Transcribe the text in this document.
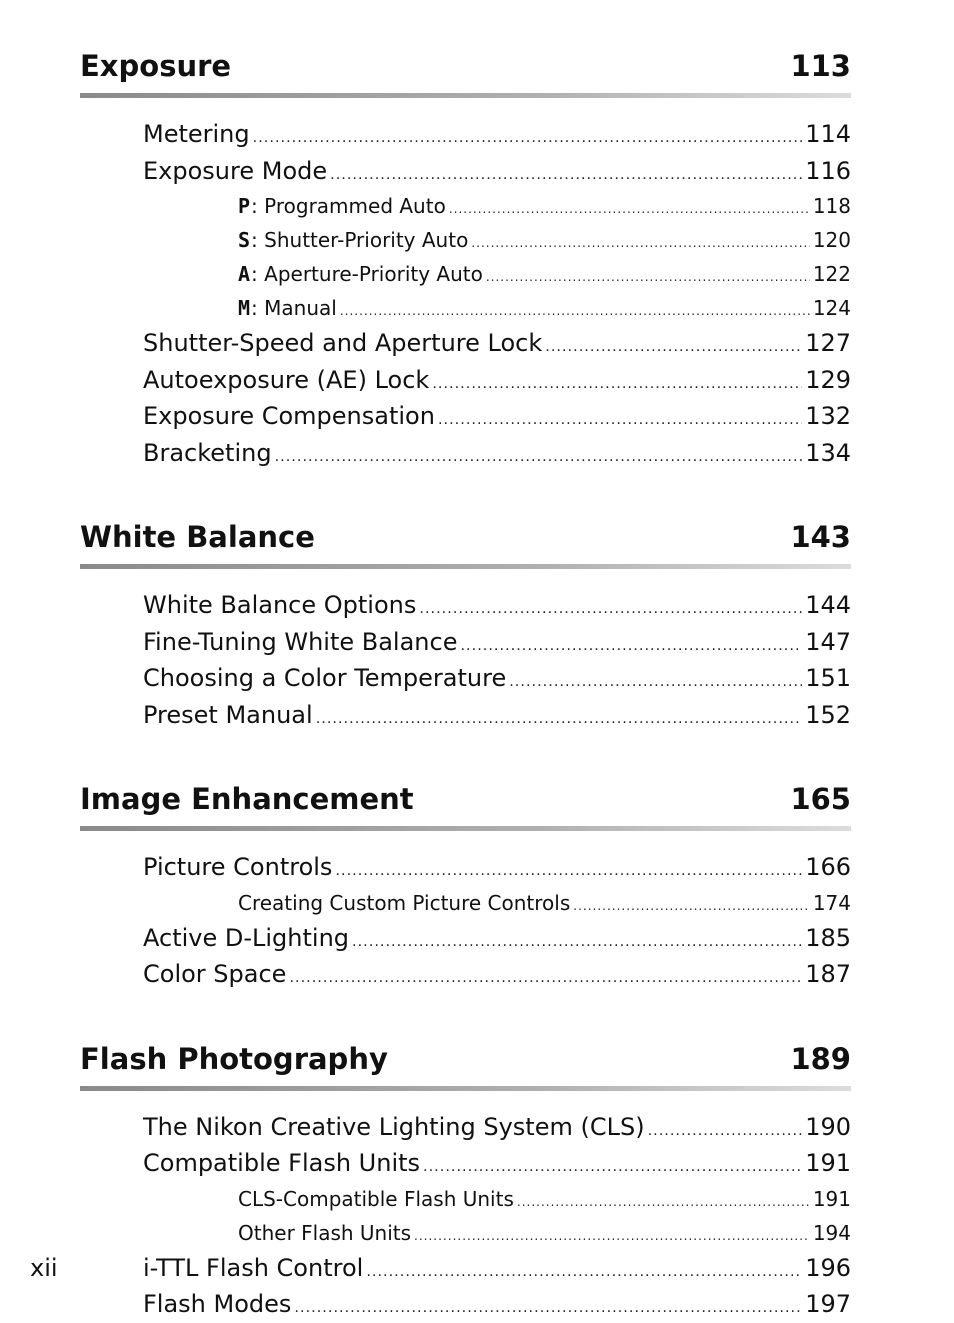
Exposure	113
Metering .....	114
Exposure Mode .....	116
P: Programmed Auto .....	118
S: Shutter-Priority Auto .....	120
A: Aperture-Priority Auto .....	122
M: Manual .....	124
Shutter-Speed and Aperture Lock .....	127
Autoexposure (AE) Lock .....	129
Exposure Compensation .....	132
Bracketing .....	134
White Balance	143
White Balance Options .....	144
Fine-Tuning White Balance .....	147
Choosing a Color Temperature .....	151
Preset Manual .....	152
Image Enhancement	165
Picture Controls .....	166
Creating Custom Picture Controls .....	174
Active D-Lighting .....	185
Color Space .....	187
Flash Photography	189
The Nikon Creative Lighting System (CLS) .....	190
Compatible Flash Units .....	191
CLS-Compatible Flash Units .....	191
Other Flash Units .....	194
i-TTL Flash Control .....	196
Flash Modes .....	197
xii
